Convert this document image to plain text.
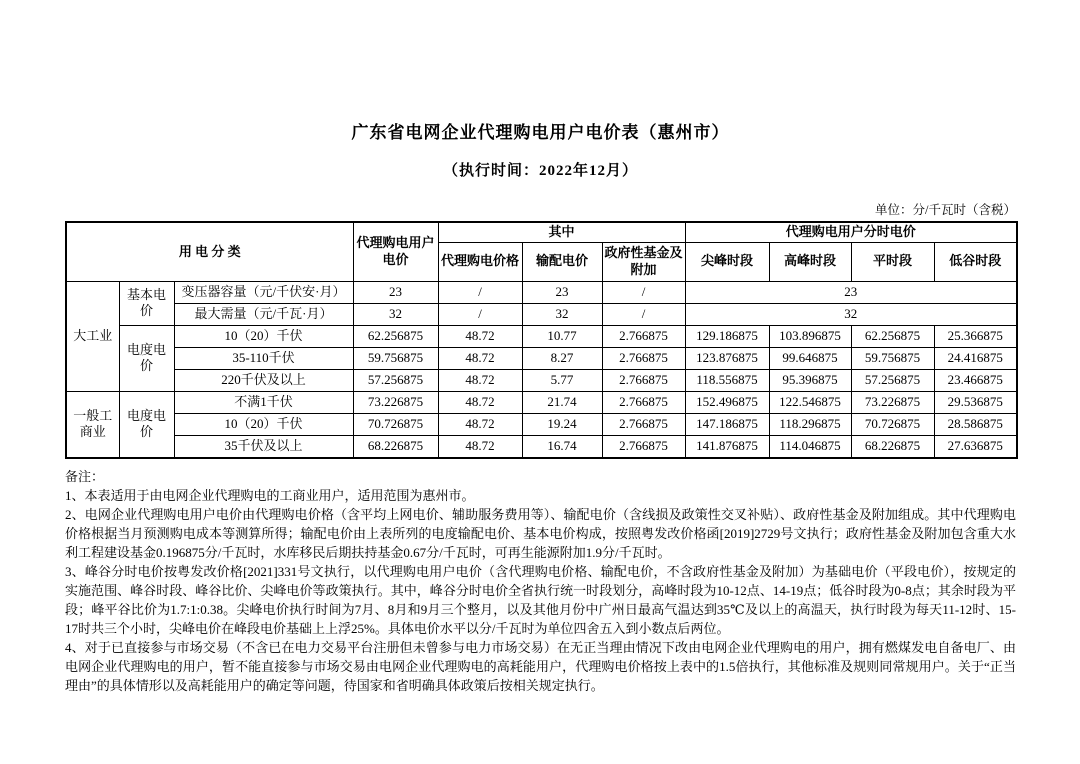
广东省电网企业代理购电用户电价表（惠州市）
（执行时间：2022年12月）
单位：分/千瓦时（含税）
用 电 分 类			代理购电用户电价	其中			代理购电用户分时电价			
				代理购电价格	输配电价	政府性基金及附加	尖峰时段	高峰时段	平时段	低谷时段
大工业	基本电价	变压器容量（元/千伏安·月）	23	/	23	/	23			
		最大需量（元/千瓦·月）	32	/	32	/	32			
	电度电价	10（20）千伏	62.256875	48.72	10.77	2.766875	129.186875	103.896875	62.256875	25.366875
		35-110千伏	59.756875	48.72	8.27	2.766875	123.876875	99.646875	59.756875	24.416875
		220千伏及以上	57.256875	48.72	5.77	2.766875	118.556875	95.396875	57.256875	23.466875
一般工商业	电度电价	不满1千伏	73.226875	48.72	21.74	2.766875	152.496875	122.546875	73.226875	29.536875
		10（20）千伏	70.726875	48.72	19.24	2.766875	147.186875	118.296875	70.726875	28.586875
		35千伏及以上	68.226875	48.72	16.74	2.766875	141.876875	114.046875	68.226875	27.636875
备注：
1、本表适用于由电网企业代理购电的工商业用户，适用范围为惠州市。
2、电网企业代理购电用户电价由代理购电价格（含平均上网电价、辅助服务费用等）、输配电价（含线损及政策性交叉补贴）、政府性基金及附加组成。其中代理购电价格根据当月预测购电成本等测算所得；输配电价由上表所列的电度输配电价、基本电价构成，按照粤发改价格函[2019]2729号文执行；政府性基金及附加包含重大水利工程建设基金0.196875分/千瓦时，水库移民后期扶持基金0.67分/千瓦时，可再生能源附加1.9分/千瓦时。
3、峰谷分时电价按粤发改价格[2021]331号文执行，以代理购电用户电价（含代理购电价格、输配电价，不含政府性基金及附加）为基础电价（平段电价），按规定的实施范围、峰谷时段、峰谷比价、尖峰电价等政策执行。其中，峰谷分时电价全省执行统一时段划分，高峰时段为10-12点、14-19点；低谷时段为0-8点；其余时段为平段；峰平谷比价为1.7:1:0.38。尖峰电价执行时间为7月、8月和9月三个整月，以及其他月份中广州日最高气温达到35℃及以上的高温天，执行时段为每天11-12时、15-17时共三个小时，尖峰电价在峰段电价基础上上浮25%。具体电价水平以分/千瓦时为单位四舍五入到小数点后两位。
4、对于已直接参与市场交易（不含已在电力交易平台注册但未曾参与电力市场交易）在无正当理由情况下改由电网企业代理购电的用户，拥有燃煤发电自备电厂、由电网企业代理购电的用户，暂不能直接参与市场交易由电网企业代理购电的高耗能用户，代理购电价格按上表中的1.5倍执行，其他标准及规则同常规用户。关于“正当理由”的具体情形以及高耗能用户的确定等问题，待国家和省明确具体政策后按相关规定执行。
